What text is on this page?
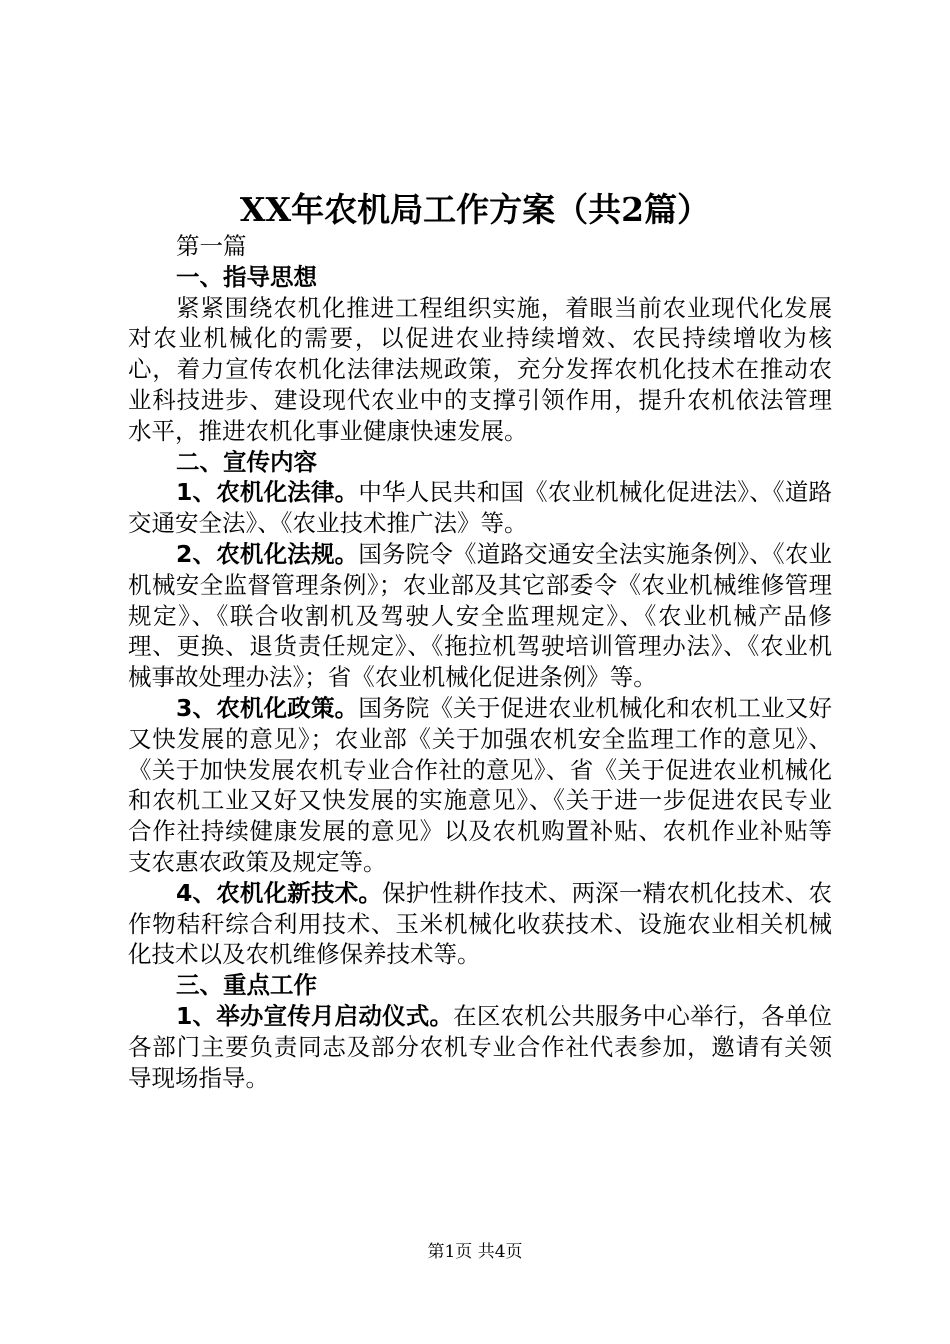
XX年农机局工作方案（共2篇）

第一篇

一、指导思想

紧紧围绕农机化推进工程组织实施，着眼当前农业现代化发展对农业机械化的需要，以促进农业持续增效、农民持续增收为核心，着力宣传农机化法律法规政策，充分发挥农机化技术在推动农业科技进步、建设现代农业中的支撑引领作用，提升农机依法管理水平，推进农机化事业健康快速发展。

二、宣传内容

1、农机化法律。中华人民共和国《农业机械化促进法》、《道路交通安全法》、《农业技术推广法》等。

2、农机化法规。国务院令《道路交通安全法实施条例》、《农业机械安全监督管理条例》；农业部及其它部委令《农业机械维修管理规定》、《联合收割机及驾驶人安全监理规定》、《农业机械产品修理、更换、退货责任规定》、《拖拉机驾驶培训管理办法》、《农业机械事故处理办法》；省《农业机械化促进条例》等。

3、农机化政策。国务院《关于促进农业机械化和农机工业又好又快发展的意见》；农业部《关于加强农机安全监理工作的意见》、《关于加快发展农机专业合作社的意见》、省《关于促进农业机械化和农机工业又好又快发展的实施意见》、《关于进一步促进农民专业合作社持续健康发展的意见》以及农机购置补贴、农机作业补贴等支农惠农政策及规定等。

4、农机化新技术。保护性耕作技术、两深一精农机化技术、农作物秸秆综合利用技术、玉米机械化收获技术、设施农业相关机械化技术以及农机维修保养技术等。

三、重点工作

1、举办宣传月启动仪式。在区农机公共服务中心举行，各单位各部门主要负责同志及部分农机专业合作社代表参加，邀请有关领导现场指导。

第1页 共4页
